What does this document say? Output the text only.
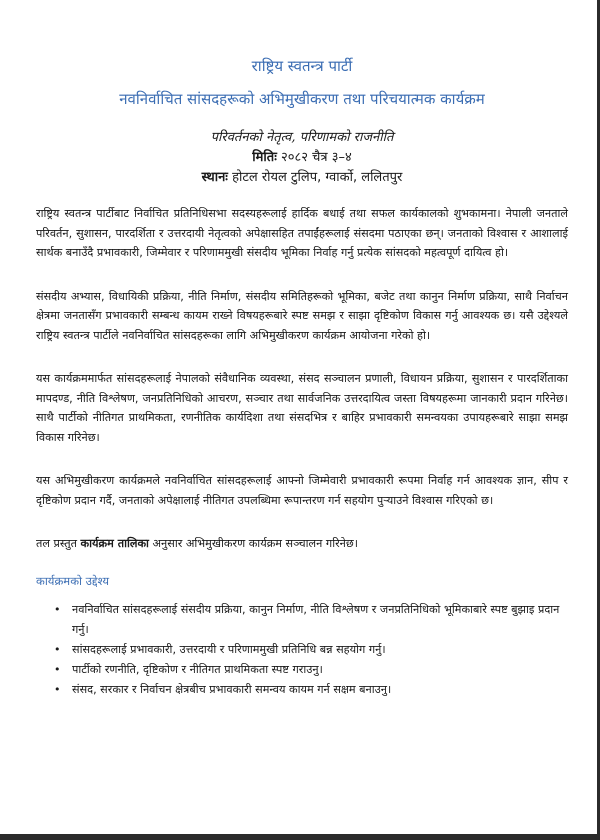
राष्ट्रिय स्वतन्त्र पार्टी

नवनिर्वाचित सांसदहरूको अभिमुखीकरण तथा परिचयात्मक कार्यक्रम

परिवर्तनको नेतृत्व, परिणामको राजनीति

मितिः २०८२ चैत्र ३–४

स्थानः होटल रोयल टुलिप, ग्वार्को, ललितपुर

राष्ट्रिय स्वतन्त्र पार्टीबाट निर्वाचित प्रतिनिधिसभा सदस्यहरूलाई हार्दिक बधाई तथा सफल कार्यकालको शुभकामना। नेपाली जनताले परिवर्तन, सुशासन, पारदर्शिता र उत्तरदायी नेतृत्वको अपेक्षासहित तपाईंहरूलाई संसदमा पठाएका छन्। जनताको विश्वास र आशालाई सार्थक बनाउँदै प्रभावकारी, जिम्मेवार र परिणाममुखी संसदीय भूमिका निर्वाह गर्नु प्रत्येक सांसदको महत्वपूर्ण दायित्व हो।

संसदीय अभ्यास, विधायिकी प्रक्रिया, नीति निर्माण, संसदीय समितिहरूको भूमिका, बजेट तथा कानुन निर्माण प्रक्रिया, साथै निर्वाचन क्षेत्रमा जनतासँग प्रभावकारी सम्बन्ध कायम राख्ने विषयहरूबारे स्पष्ट समझ र साझा दृष्टिकोण विकास गर्नु आवश्यक छ। यसै उद्देश्यले राष्ट्रिय स्वतन्त्र पार्टीले नवनिर्वाचित सांसदहरूका लागि अभिमुखीकरण कार्यक्रम आयोजना गरेको हो।

यस कार्यक्रममार्फत सांसदहरूलाई नेपालको संवैधानिक व्यवस्था, संसद सञ्चालन प्रणाली, विधायन प्रक्रिया, सुशासन र पारदर्शिताका मापदण्ड, नीति विश्लेषण, जनप्रतिनिधिको आचरण, सञ्चार तथा सार्वजनिक उत्तरदायित्व जस्ता विषयहरूमा जानकारी प्रदान गरिनेछ। साथै पार्टीको नीतिगत प्राथमिकता, रणनीतिक कार्यदिशा तथा संसदभित्र र बाहिर प्रभावकारी समन्वयका उपायहरूबारे साझा समझ विकास गरिनेछ।

यस अभिमुखीकरण कार्यक्रमले नवनिर्वाचित सांसदहरूलाई आफ्नो जिम्मेवारी प्रभावकारी रूपमा निर्वाह गर्न आवश्यक ज्ञान, सीप र दृष्टिकोण प्रदान गर्दै, जनताको अपेक्षालाई नीतिगत उपलब्धिमा रूपान्तरण गर्न सहयोग पुर्‍याउने विश्वास गरिएको छ।

तल प्रस्तुत कार्यक्रम तालिका अनुसार अभिमुखीकरण कार्यक्रम सञ्चालन गरिनेछ।

कार्यक्रमको उद्देश्य

• नवनिर्वाचित सांसदहरूलाई संसदीय प्रक्रिया, कानुन निर्माण, नीति विश्लेषण र जनप्रतिनिधिको भूमिकाबारे स्पष्ट बुझाइ प्रदान गर्नु।
• सांसदहरूलाई प्रभावकारी, उत्तरदायी र परिणाममुखी प्रतिनिधि बन्न सहयोग गर्नु।
• पार्टीको रणनीति, दृष्टिकोण र नीतिगत प्राथमिकता स्पष्ट गराउनु।
• संसद, सरकार र निर्वाचन क्षेत्रबीच प्रभावकारी समन्वय कायम गर्न सक्षम बनाउनु।
